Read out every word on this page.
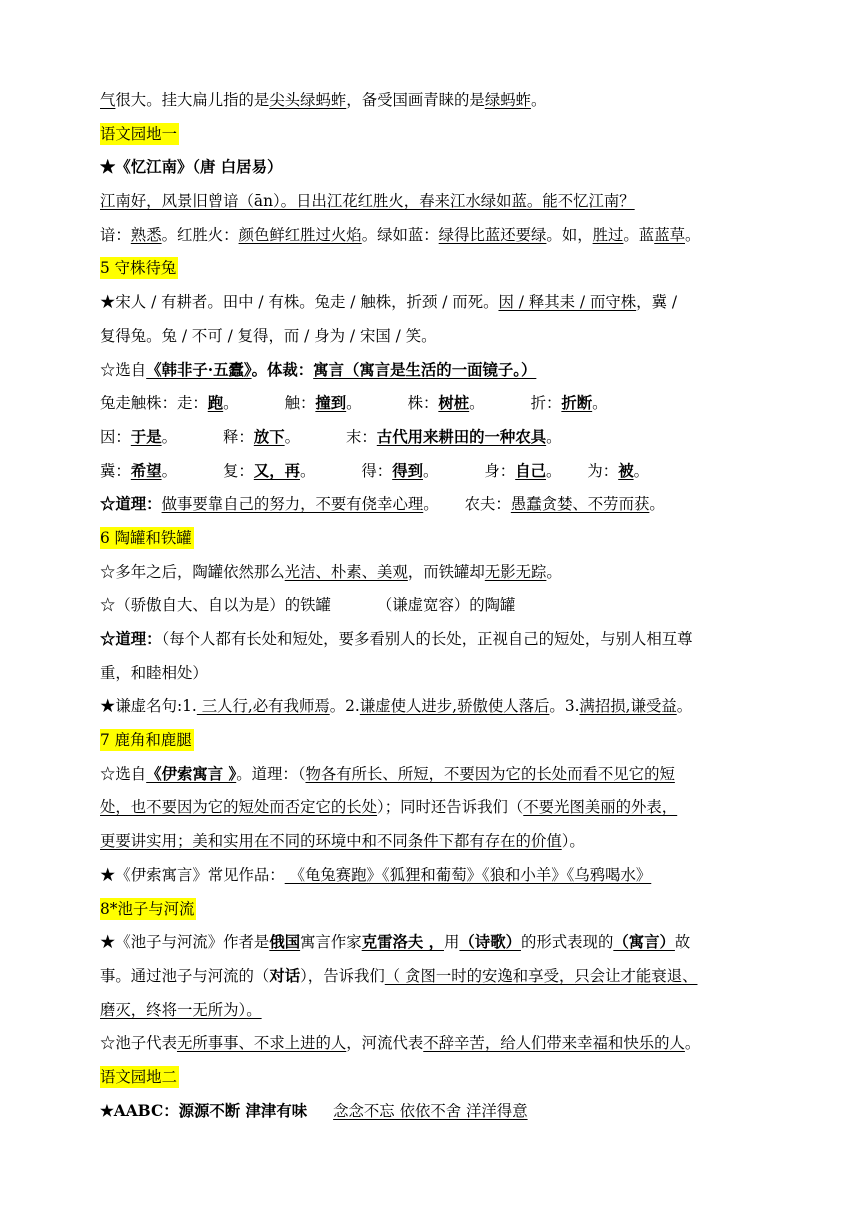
气很大。挂大扁儿指的是尖头绿蚂蚱，备受国画青睐的是绿蚂蚱。
语文园地一
★《忆江南》（唐 白居易）
江南好，风景旧曾谙（ān）。日出江花红胜火，春来江水绿如蓝。能不忆江南？
谙：熟悉。红胜火：颜色鲜红胜过火焰。绿如蓝：绿得比蓝还要绿。如，胜过。蓝蓝草。
5 守株待兔
★宋人 / 有耕者。田中 / 有株。兔走 / 触株，折颈 / 而死。因 / 释其耒 / 而守株，冀 /
复得兔。兔 / 不可 / 复得，而 / 身为 / 宋国 / 笑。
☆选自《韩非子·五蠹》。体裁：寓言（寓言是生活的一面镜子。）
兔走触株：走：跑。	触：撞到。	株：树桩。	折：折断。
因：于是。	释：放下。	末：古代用来耕田的一种农具。
冀：希望。	复：又，再。	得：得到。	身：自己。 为：被。
☆道理：做事要靠自己的努力，不要有侥幸心理。 农夫：愚蠢贪婪、不劳而获。
6 陶罐和铁罐
☆多年之后，陶罐依然那么光洁、朴素、美观，而铁罐却无影无踪。
☆（骄傲自大、自以为是）的铁罐	（谦虚宽容）的陶罐
☆道理：（每个人都有长处和短处，要多看别人的长处，正视自己的短处，与别人相互尊
重，和睦相处）
★谦虚名句:1. 三人行,必有我师焉。2.谦虚使人进步,骄傲使人落后。3.满招损,谦受益。
7 鹿角和鹿腿
☆选自《伊索寓言 》。道理：（物各有所长、所短，不要因为它的长处而看不见它的短
处，也不要因为它的短处而否定它的长处）；同时还告诉我们（不要光图美丽的外表，
更要讲实用；美和实用在不同的环境中和不同条件下都有存在的价值）。
★《伊索寓言》常见作品： 《龟兔赛跑》《狐狸和葡萄》《狼和小羊》《乌鸦喝水》
8*池子与河流
★《池子与河流》作者是俄国寓言作家克雷洛夫 ，用（诗歌）的形式表现的（寓言）故
事。通过池子与河流的（对话），告诉我们（ 贪图一时的安逸和享受，只会让才能衰退、
磨灭，终将一无所为）。
☆池子代表无所事事、不求上进的人，河流代表不辞辛苦，给人们带来幸福和快乐的人。
语文园地二
★AABC：源源不断 津津有味 念念不忘 依依不舍 洋洋得意
